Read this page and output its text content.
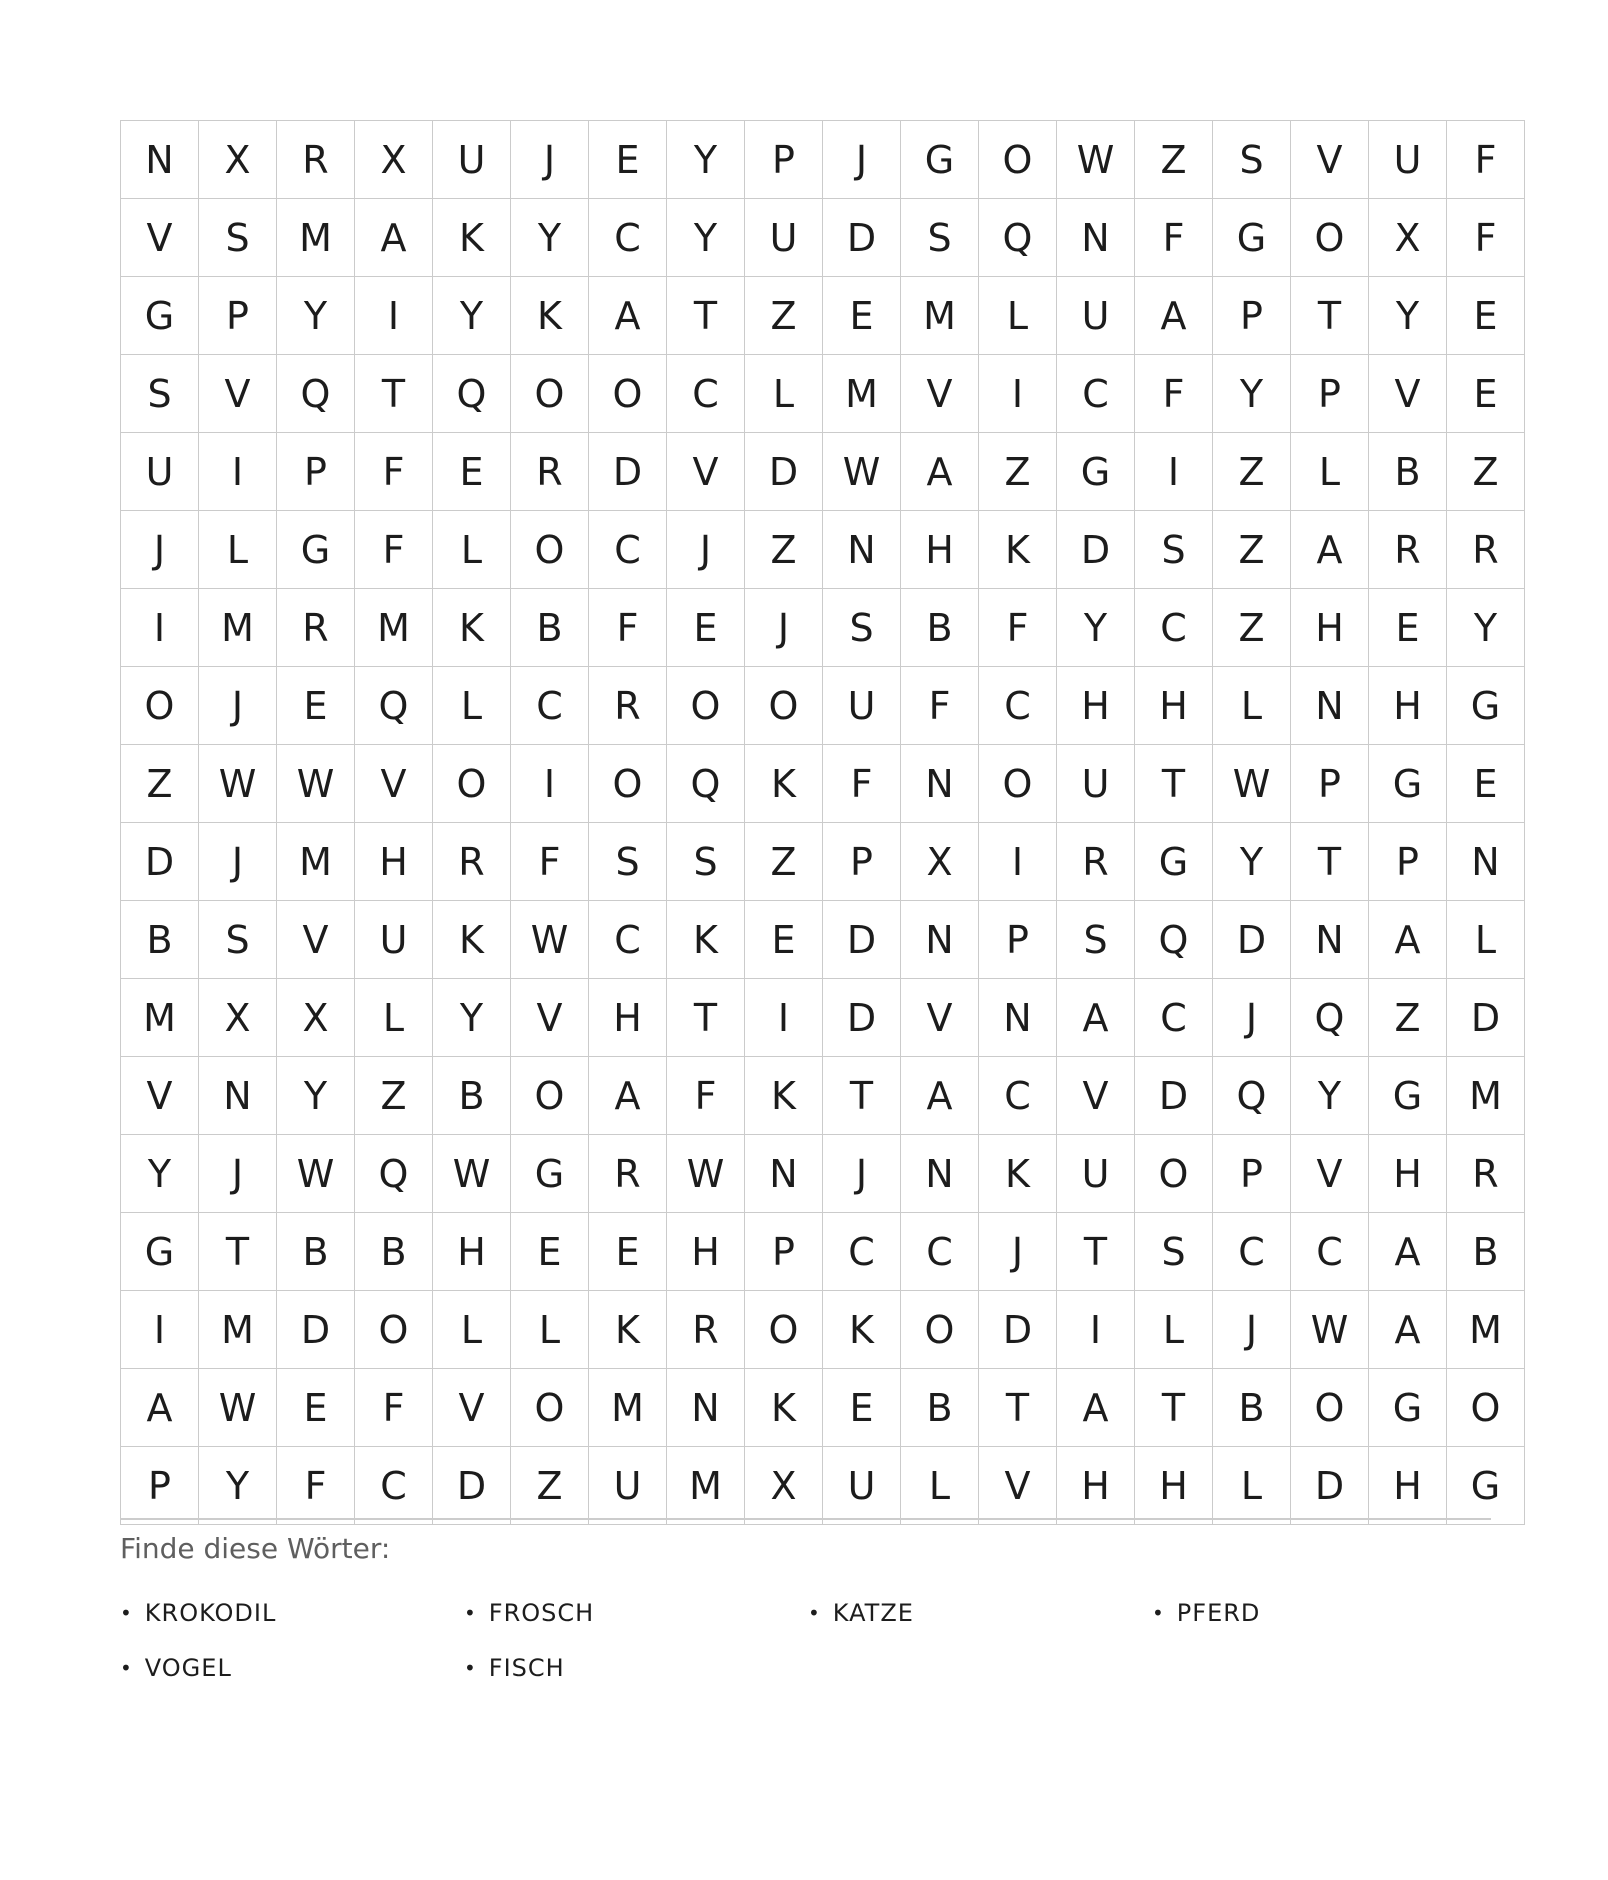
N	X	R	X	U	J	E	Y	P	J	G	O	W	Z	S	V	U	F
V	S	M	A	K	Y	C	Y	U	D	S	Q	N	F	G	O	X	F
G	P	Y	I	Y	K	A	T	Z	E	M	L	U	A	P	T	Y	E
S	V	Q	T	Q	O	O	C	L	M	V	I	C	F	Y	P	V	E
U	I	P	F	E	R	D	V	D	W	A	Z	G	I	Z	L	B	Z
J	L	G	F	L	O	C	J	Z	N	H	K	D	S	Z	A	R	R
I	M	R	M	K	B	F	E	J	S	B	F	Y	C	Z	H	E	Y
O	J	E	Q	L	C	R	O	O	U	F	C	H	H	L	N	H	G
Z	W	W	V	O	I	O	Q	K	F	N	O	U	T	W	P	G	E
D	J	M	H	R	F	S	S	Z	P	X	I	R	G	Y	T	P	N
B	S	V	U	K	W	C	K	E	D	N	P	S	Q	D	N	A	L
M	X	X	L	Y	V	H	T	I	D	V	N	A	C	J	Q	Z	D
V	N	Y	Z	B	O	A	F	K	T	A	C	V	D	Q	Y	G	M
Y	J	W	Q	W	G	R	W	N	J	N	K	U	O	P	V	H	R
G	T	B	B	H	E	E	H	P	C	C	J	T	S	C	C	A	B
I	M	D	O	L	L	K	R	O	K	O	D	I	L	J	W	A	M
A	W	E	F	V	O	M	N	K	E	B	T	A	T	B	O	G	O
P	Y	F	C	D	Z	U	M	X	U	L	V	H	H	L	D	H	G
Finde diese Wörter:
• KROKODIL	• FROSCH	• KATZE	• PFERD
• VOGEL	• FISCH
